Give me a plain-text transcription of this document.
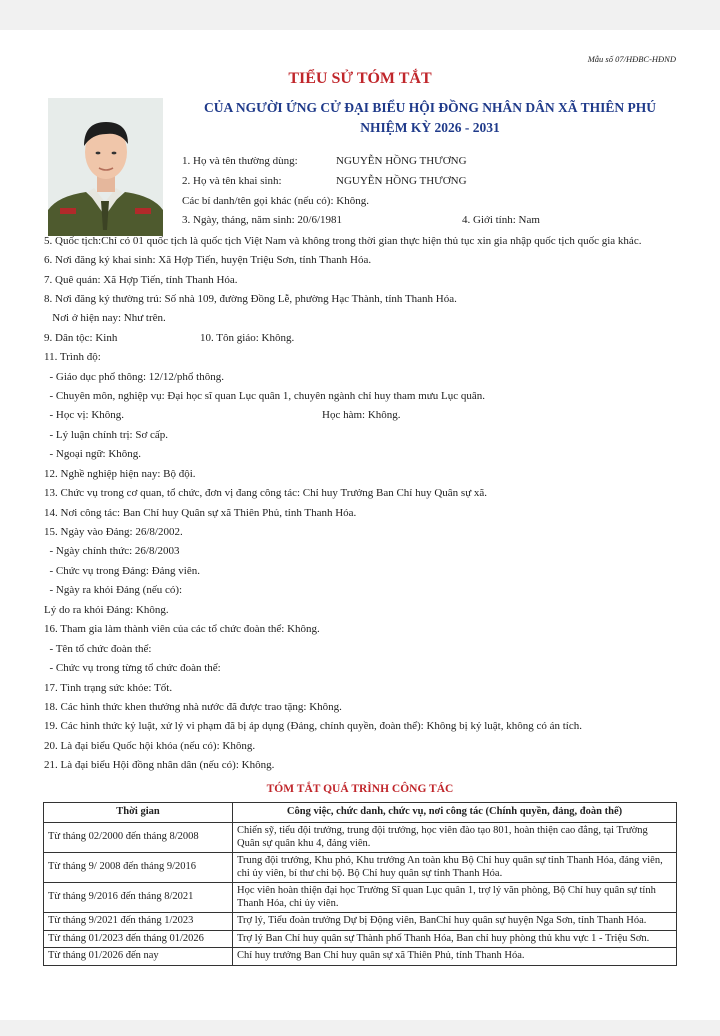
Mẫu số 07/HĐBC-HĐND
TIỂU SỬ TÓM TẮT
CỦA NGƯỜI ỨNG CỬ ĐẠI BIỂU HỘI ĐỒNG NHÂN DÂN XÃ THIÊN PHÚ
NHIỆM KỲ 2026 - 2031
1. Họ và tên thường dùng:	NGUYỄN HỒNG THƯƠNG
2. Họ và tên khai sinh:	NGUYỄN HỒNG THƯƠNG
Các bí danh/tên gọi khác (nếu có): Không.
3. Ngày, tháng, năm sinh: 20/6/1981	4. Giới tính: Nam
5. Quốc tịch:Chỉ có 01 quốc tịch là quốc tịch Việt Nam và không trong thời gian thực hiện thủ tục xin gia nhập quốc tịch quốc gia khác.
6. Nơi đăng ký khai sinh: Xã Hợp Tiến, huyện Triệu Sơn, tỉnh Thanh Hóa.
7. Quê quán: Xã Hợp Tiến, tỉnh Thanh Hóa.
8. Nơi đăng ký thường trú: Số nhà 109, đường Đồng Lễ, phường Hạc Thành, tỉnh Thanh Hóa.
Nơi ở hiện nay: Như trên.
9. Dân tộc: Kinh	10. Tôn giáo: Không.
11. Trình độ:
- Giáo dục phổ thông: 12/12/phổ thông.
- Chuyên môn, nghiệp vụ: Đại học sĩ quan Lục quân 1, chuyên ngành chỉ huy tham mưu Lục quân.
- Học vị: Không.	Học hàm: Không.
- Lý luận chính trị: Sơ cấp.
- Ngoại ngữ: Không.
12. Nghề nghiệp hiện nay: Bộ đội.
13. Chức vụ trong cơ quan, tổ chức, đơn vị đang công tác: Chỉ huy Trưởng Ban Chỉ huy Quân sự xã.
14. Nơi công tác: Ban Chỉ huy Quân sự xã Thiên Phủ, tỉnh Thanh Hóa.
15. Ngày vào Đảng: 26/8/2002.
- Ngày chính thức: 26/8/2003
- Chức vụ trong Đảng: Đảng viên.
- Ngày ra khỏi Đảng (nếu có):
Lý do ra khỏi Đảng: Không.
16. Tham gia làm thành viên của các tổ chức đoàn thể: Không.
- Tên tổ chức đoàn thể:
- Chức vụ trong từng tổ chức đoàn thể:
17. Tình trạng sức khỏe: Tốt.
18. Các hình thức khen thưởng nhà nước đã được trao tặng: Không.
19. Các hình thức kỷ luật, xử lý vi phạm đã bị áp dụng (Đảng, chính quyền, đoàn thể): Không bị kỷ luật, không có án tích.
20. Là đại biểu Quốc hội khóa (nếu có): Không.
21. Là đại biểu Hội đồng nhân dân (nếu có): Không.
TÓM TẮT QUÁ TRÌNH CÔNG TÁC
Thời gian	Công việc, chức danh, chức vụ, nơi công tác (Chính quyền, đảng, đoàn thể)
Từ tháng 02/2000 đến tháng 8/2008	Chiến sỹ, tiểu đội trưởng, trung đội trưởng, học viên đào tạo 801, hoàn thiện cao đẳng, tại Trường Quân sự quân khu 4, đảng viên.
Từ tháng 9/ 2008 đến tháng 9/2016	Trung đội trưởng, Khu phó, Khu trưởng An toàn khu Bộ Chỉ huy quân sự tỉnh Thanh Hóa, đảng viên, chi ủy viên, bí thư chi bộ. Bộ Chỉ huy quân sự tỉnh Thanh Hóa.
Từ tháng 9/2016 đến tháng 8/2021	Học viên hoàn thiện đại học Trường Sĩ quan Lục quân 1, trợ lý văn phòng, Bộ Chỉ huy quân sự tỉnh Thanh Hóa, chi ủy viên.
Từ tháng 9/2021 đến tháng 1/2023	Trợ lý, Tiểu đoàn trưởng Dự bị Động viên, BanChỉ huy quân sự huyện Nga Sơn, tỉnh Thanh Hóa.
Từ tháng 01/2023 đến tháng 01/2026	Trợ lý Ban Chỉ huy quân sự Thành phố Thanh Hóa, Ban chỉ huy phòng thủ khu vực 1 - Triệu Sơn.
Từ tháng 01/2026 đến nay	Chỉ huy trưởng Ban Chỉ huy quân sự xã Thiên Phủ, tỉnh Thanh Hóa.
